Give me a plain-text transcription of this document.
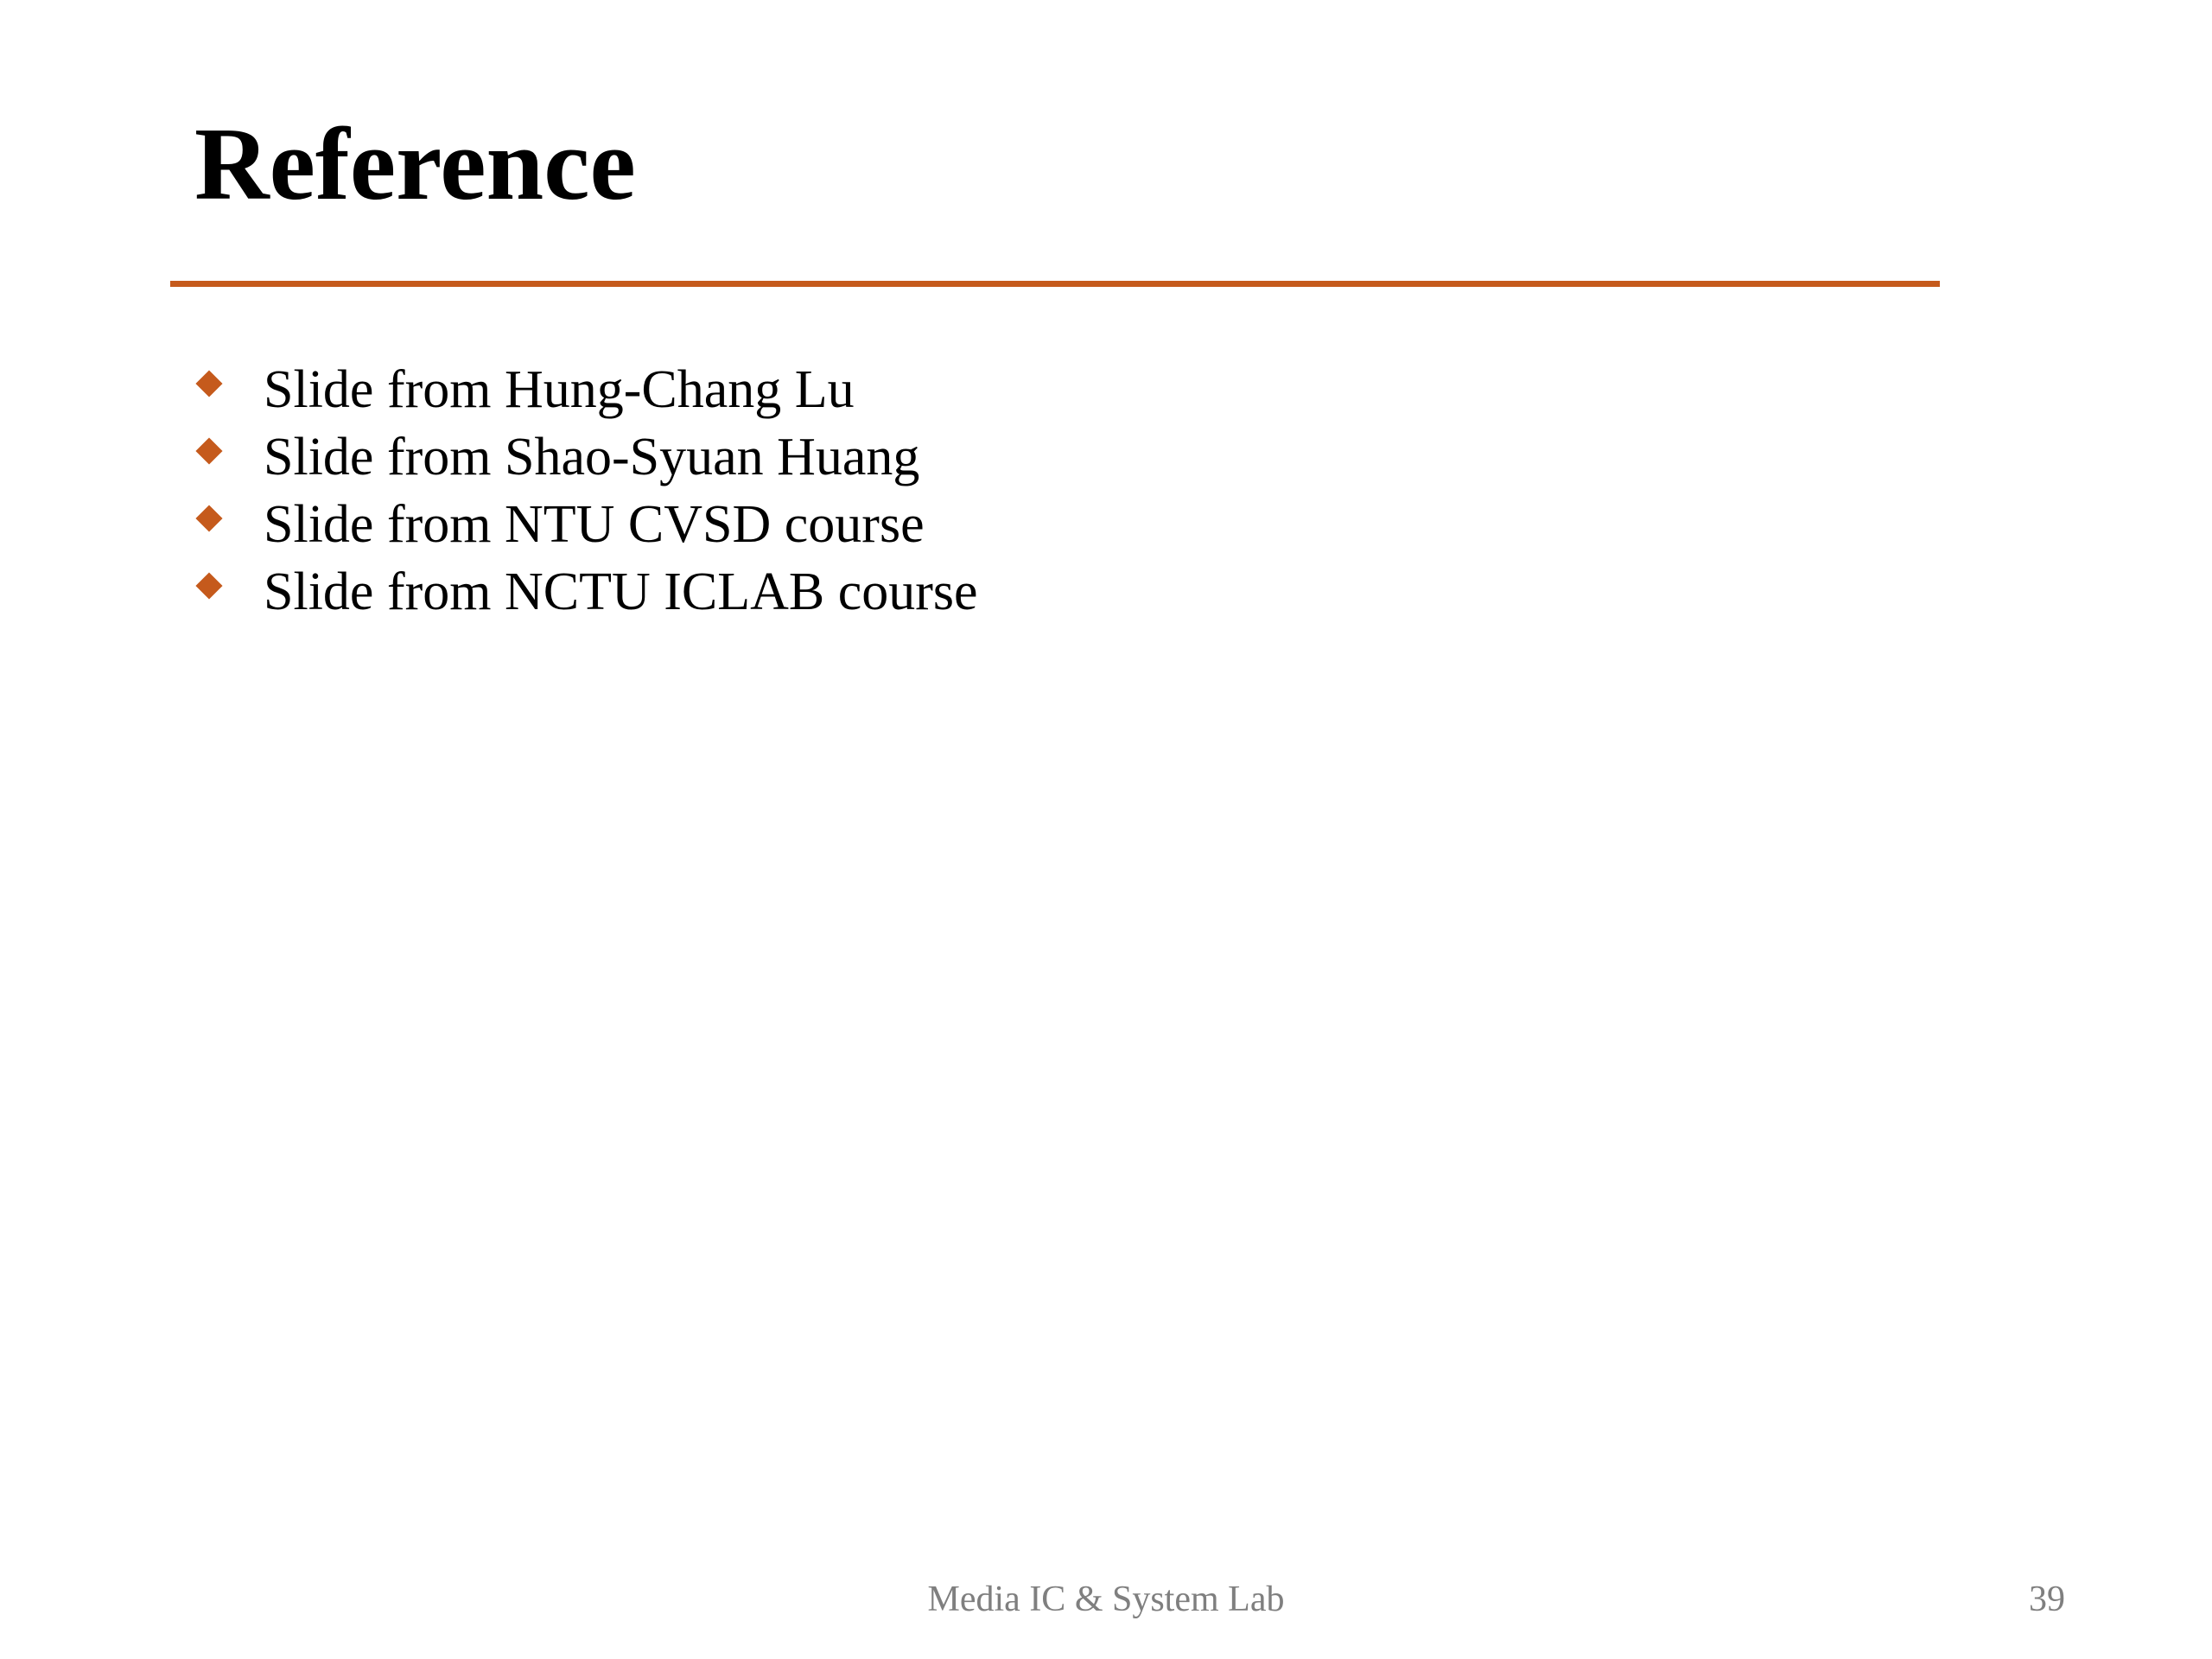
Reference
Slide from Hung-Chang Lu
Slide from Shao-Syuan Huang
Slide from NTU CVSD course
Slide from NCTU ICLAB course
Media IC & System Lab	39
